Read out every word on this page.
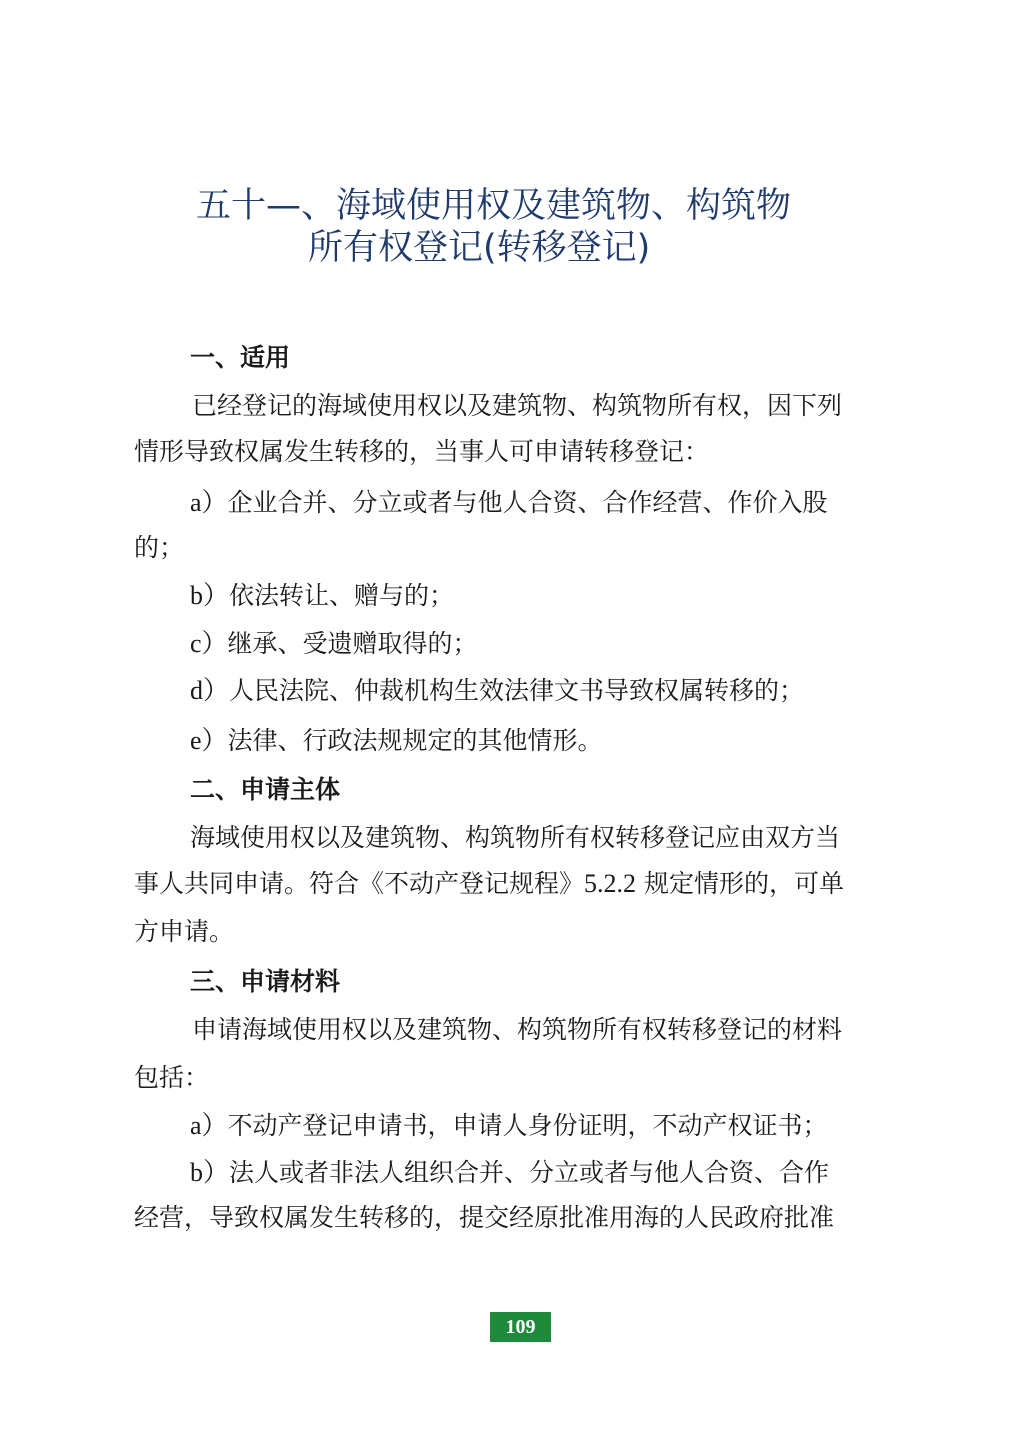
五十—、海域使用权及建筑物、构筑物
所有权登记(转移登记)
一、适用
已经登记的海域使用权以及建筑物、构筑物所有权，因下列
情形导致权属发生转移的，当事人可申请转移登记：
a）企业合并、分立或者与他人合资、合作经营、作价入股
的；
b）依法转让、赠与的；
c）继承、受遗赠取得的；
d）人民法院、仲裁机构生效法律文书导致权属转移的；
e）法律、行政法规规定的其他情形。
二、申请主体
海域使用权以及建筑物、构筑物所有权转移登记应由双方当
事人共同申请。符合《不动产登记规程》5.2.2 规定情形的，可单
方申请。
三、申请材料
申请海域使用权以及建筑物、构筑物所有权转移登记的材料
包括：
a）不动产登记申请书，申请人身份证明，不动产权证书；
b）法人或者非法人组织合并、分立或者与他人合资、合作
经营，导致权属发生转移的，提交经原批准用海的人民政府批准
109
